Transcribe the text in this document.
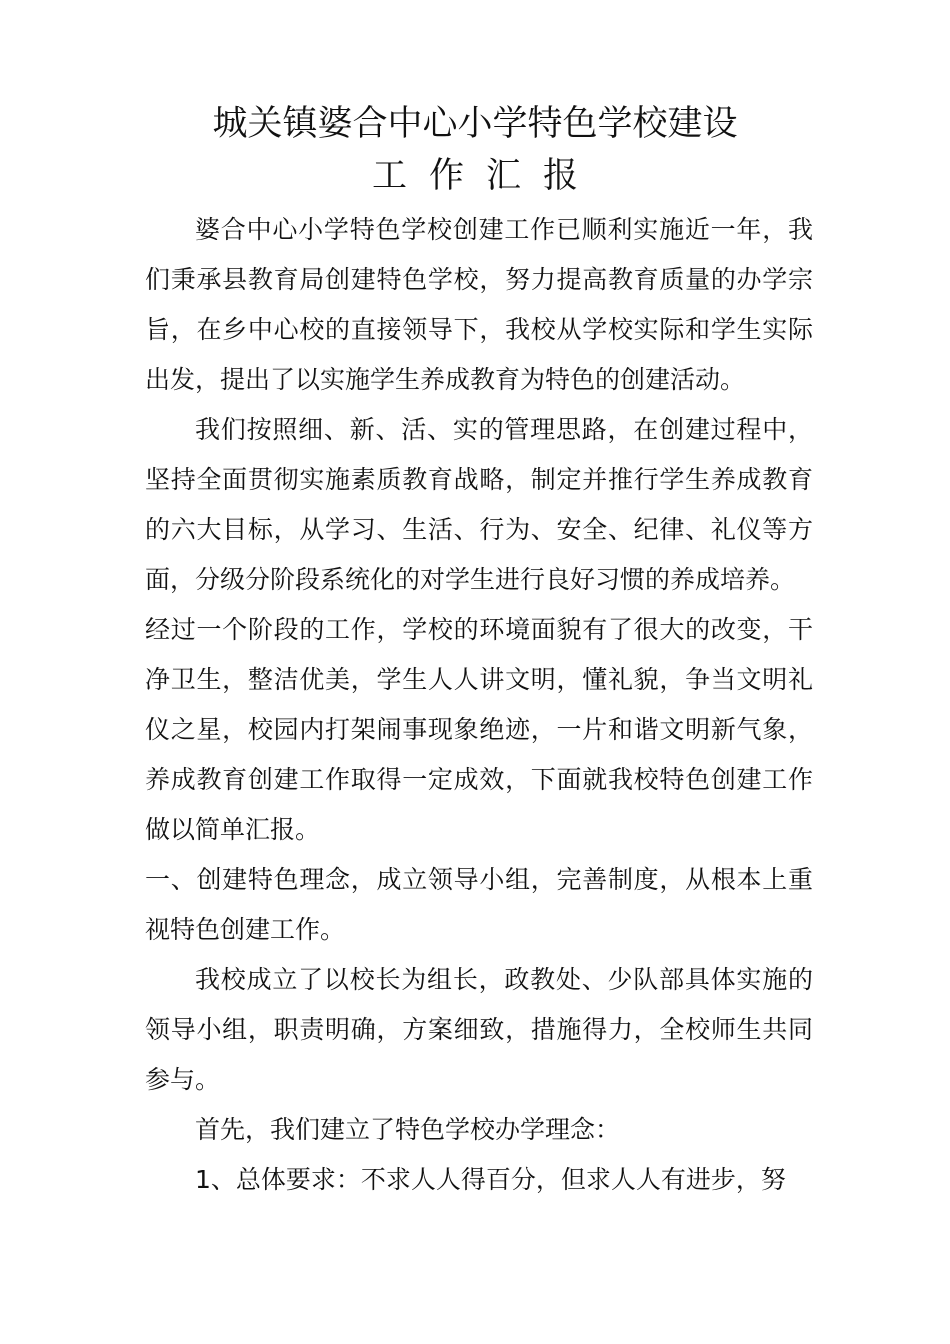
城关镇婆合中心小学特色学校建设
工作汇报

婆合中心小学特色学校创建工作已顺利实施近一年，我们秉承县教育局创建特色学校，努力提高教育质量的办学宗旨，在乡中心校的直接领导下，我校从学校实际和学生实际出发，提出了以实施学生养成教育为特色的创建活动。

我们按照细、新、活、实的管理思路，在创建过程中，坚持全面贯彻实施素质教育战略，制定并推行学生养成教育的六大目标，从学习、生活、行为、安全、纪律、礼仪等方面，分级分阶段系统化的对学生进行良好习惯的养成培养。

经过一个阶段的工作，学校的环境面貌有了很大的改变，干净卫生，整洁优美，学生人人讲文明，懂礼貌，争当文明礼仪之星，校园内打架闹事现象绝迹，一片和谐文明新气象，养成教育创建工作取得一定成效，下面就我校特色创建工作做以简单汇报。

一、创建特色理念，成立领导小组，完善制度，从根本上重视特色创建工作。

我校成立了以校长为组长，政教处、少队部具体实施的领导小组，职责明确，方案细致，措施得力，全校师生共同参与。

首先，我们建立了特色学校办学理念：

1、总体要求：不求人人得百分，但求人人有进步，努
